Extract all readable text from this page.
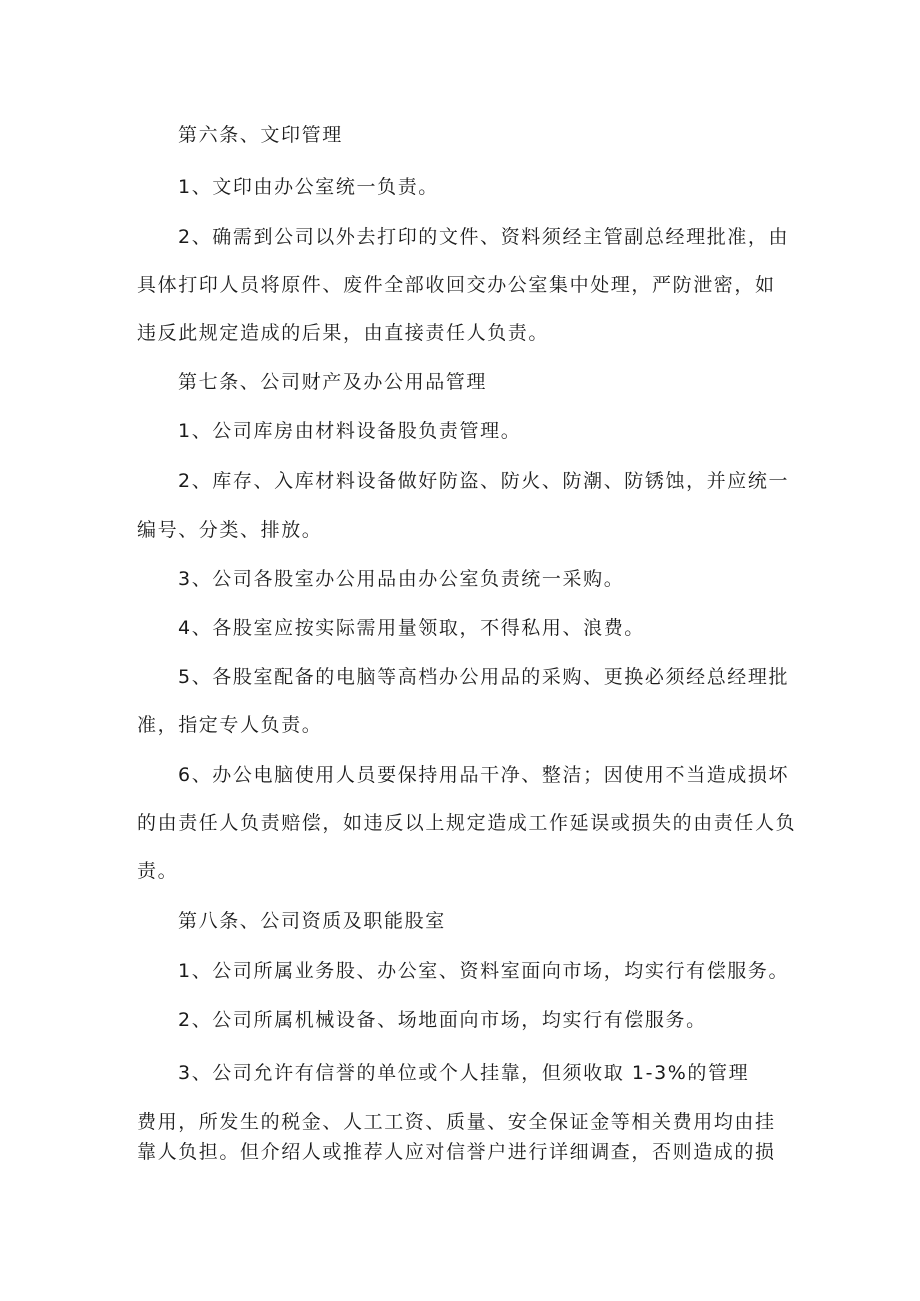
第六条、文印管理
1、文印由办公室统一负责。
2、确需到公司以外去打印的文件、资料须经主管副总经理批准，由
具体打印人员将原件、废件全部收回交办公室集中处理，严防泄密，如
违反此规定造成的后果，由直接责任人负责。
第七条、公司财产及办公用品管理
1、公司库房由材料设备股负责管理。
2、库存、入库材料设备做好防盗、防火、防潮、防锈蚀，并应统一
编号、分类、排放。
3、公司各股室办公用品由办公室负责统一采购。
4、各股室应按实际需用量领取，不得私用、浪费。
5、各股室配备的电脑等高档办公用品的采购、更换必须经总经理批
准，指定专人负责。
6、办公电脑使用人员要保持用品干净、整洁；因使用不当造成损坏
的由责任人负责赔偿，如违反以上规定造成工作延误或损失的由责任人负
责。
第八条、公司资质及职能股室
1、公司所属业务股、办公室、资料室面向市场，均实行有偿服务。
2、公司所属机械设备、场地面向市场，均实行有偿服务。
3、公司允许有信誉的单位或个人挂靠，但须收取 1-3%的管理
费用，所发生的税金、人工工资、质量、安全保证金等相关费用均由挂
靠人负担。但介绍人或推荐人应对信誉户进行详细调查，否则造成的损
